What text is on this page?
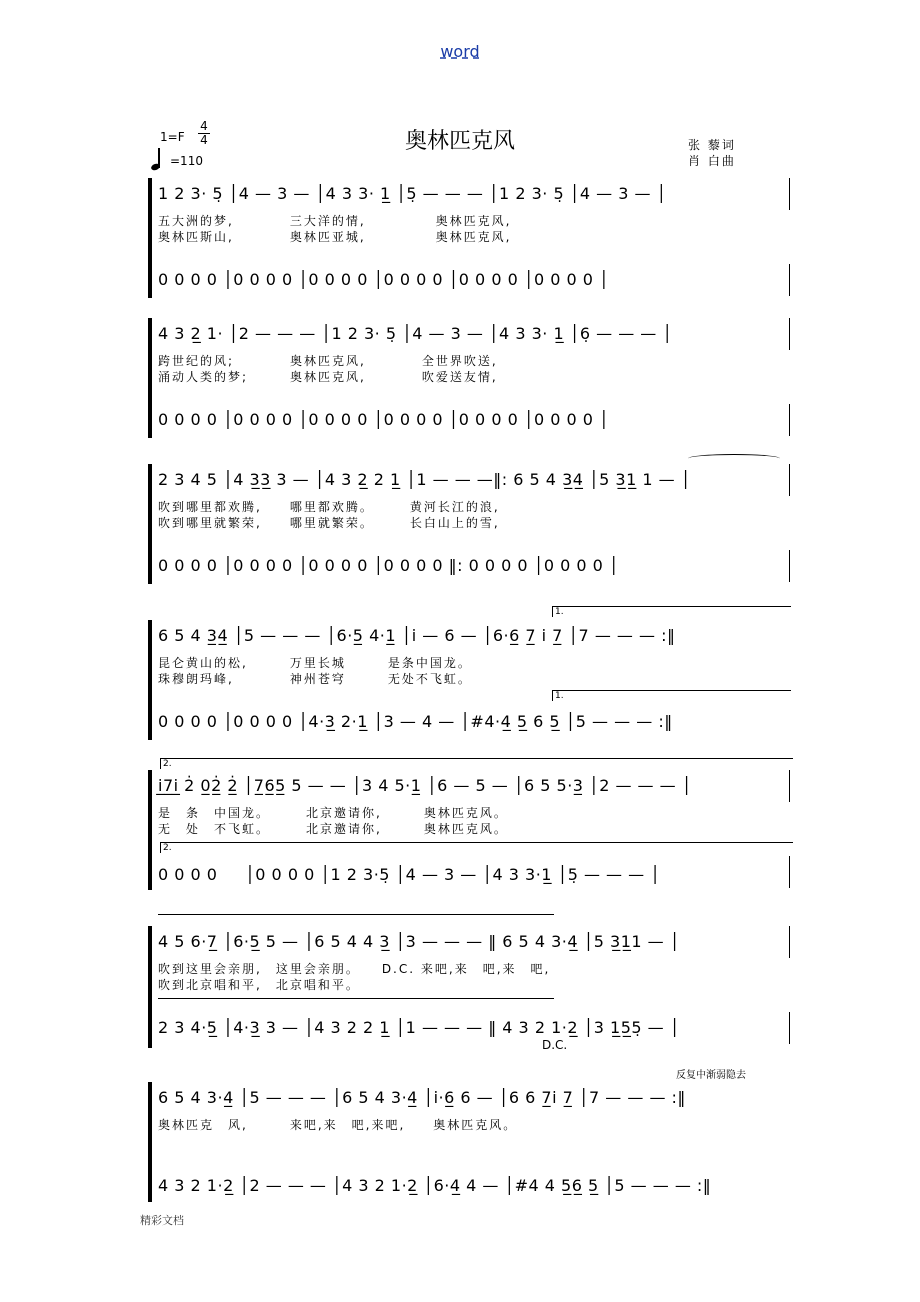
word
1=F
4
4
=110
奥林匹克风	张 藜词
肖 白曲
1 2 3· 5̣ │4 — 3 — │4 3 3· 1̲ │5̣ — — — │1 2 3· 5̣ │4 — 3 — │
五大洲的梦,　　　　三大洋的情,　　　　　奥林匹克风,
奥林匹斯山,　　　　奥林匹亚城,　　　　　奥林匹克风,
0 0 0 0 │0 0 0 0 │0 0 0 0 │0 0 0 0 │0 0 0 0 │0 0 0 0 │
4 3 2̲ 1· │2 — — — │1 2 3· 5̣ │4 — 3 — │4 3 3· 1̲ │6̣ — — — │
跨世纪的风;　　　　奥林匹克风,　　　　全世界吹送,
涌动人类的梦;　　　奥林匹克风,　　　　吹爱送友情,
0 0 0 0 │0 0 0 0 │0 0 0 0 │0 0 0 0 │0 0 0 0 │0 0 0 0 │
2 3 4 5 │4 3̲3̲ 3 — │4 3 2̲ 2 1̲ │1 — — —‖: 6 5 4 3̲4̲ │5 3̲1̲ 1 — │
吹到哪里都欢腾,　　哪里都欢腾。　　　黄河长江的浪,
吹到哪里就繁荣,　　哪里就繁荣。　　　长白山上的雪,
0 0 0 0 │0 0 0 0 │0 0 0 0 │0 0 0 0 ‖: 0 0 0 0 │0 0 0 0 │
1.
1.
6 5 4 3̲4̲ │5 — — — │6·5̲ 4·1̲ │i — 6 — │6·6̲ 7̲ i 7̲ │7 — — — :‖
昆仑黄山的松,　　　万里长城　　　是条中国龙。
珠穆朗玛峰,　　　　神州苍穹　　　无处不飞虹。
0 0 0 0 │0 0 0 0 │4·3̲ 2·1̲ │3 — 4 — │#4·4̲ 5̲ 6 5̲ │5 — — — :‖
2.
2.
i̲7̲i̲ 2̇ 0̲2̲̇ 2̲̇ │7̲6̲5̲ 5 — — │3 4 5·1̲ │6 — 5 — │6 5 5·3̲ │2 — — — │
是　条　中国龙。　　　北京邀请你,　　　奥林匹克风。
无　处　不飞虹。　　　北京邀请你,　　　奥林匹克风。
0 0 0 0 　 │0 0 0 0 │1 2 3·5̣ │4 — 3 — │4 3 3·1̲ │5̣ — — — │
4 5 6·7̲ │6·5̲ 5 — │6 5 4 4 3̲ │3 — — — ‖ 6 5 4 3·4̲ │5 3̲1̲1 — │
吹到这里会亲朋,　这里会亲朋。　　D.C. 来吧,来　吧,来　吧,
吹到北京唱和平,　北京唱和平。
2 3 4·5̲ │4·3̲ 3 — │4 3 2 2 1̲ │1 — — — ‖ 4 3 2 1·2̲ │3 1̲5̲5̣ — │
D.C.
反复中渐弱隐去
6 5 4 3·4̲ │5 — — — │6 5 4 3·4̲ │i·6̲ 6 — │6 6 7̲i 7̲ │7 — — — :‖
奥林匹克　风,　　　来吧,来　吧,来吧,　　奥林匹克风。
4 3 2 1·2̲ │2 — — — │4 3 2 1·2̲ │6·4̲ 4 — │#4 4 5̲6̲ 5̲ │5 — — — :‖
精彩文档
